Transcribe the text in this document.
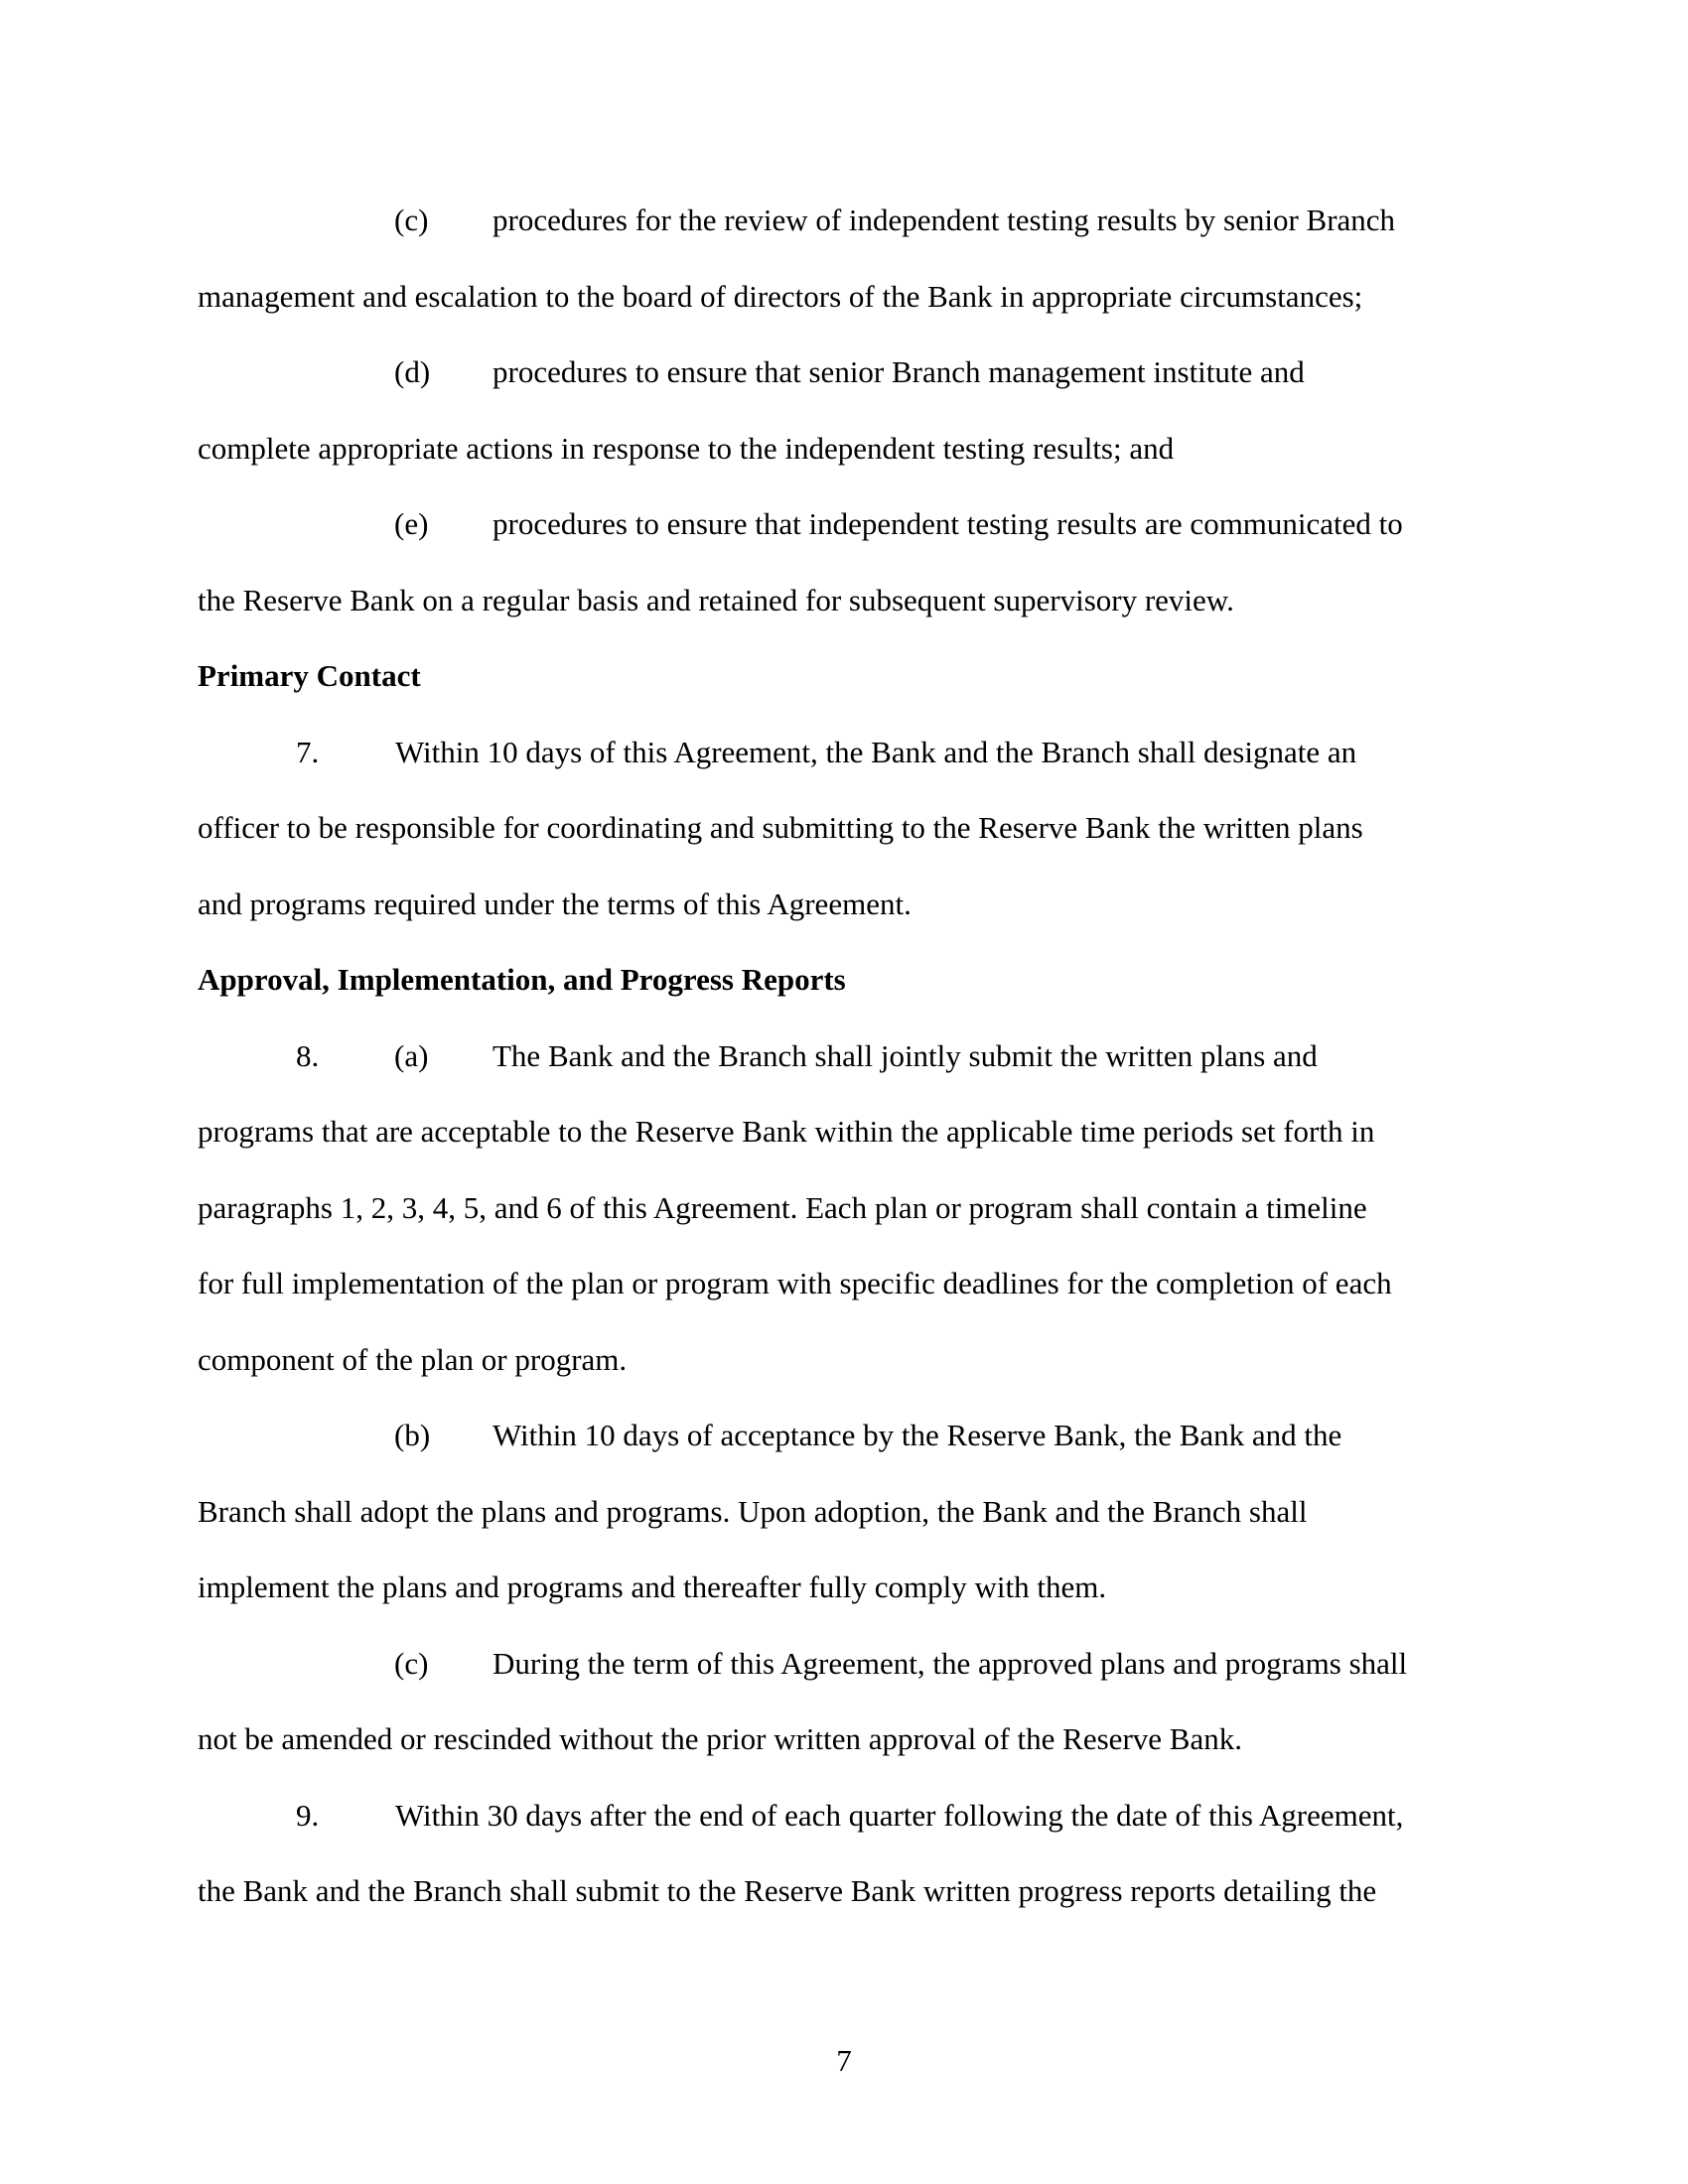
(c) procedures for the review of independent testing results by senior Branch
management and escalation to the board of directors of the Bank in appropriate circumstances;
(d) procedures to ensure that senior Branch management institute and
complete appropriate actions in response to the independent testing results; and
(e) procedures to ensure that independent testing results are communicated to
the Reserve Bank on a regular basis and retained for subsequent supervisory review.
Primary Contact
7. Within 10 days of this Agreement, the Bank and the Branch shall designate an
officer to be responsible for coordinating and submitting to the Reserve Bank the written plans
and programs required under the terms of this Agreement.
Approval, Implementation, and Progress Reports
8. (a) The Bank and the Branch shall jointly submit the written plans and
programs that are acceptable to the Reserve Bank within the applicable time periods set forth in
paragraphs 1, 2, 3, 4, 5, and 6 of this Agreement. Each plan or program shall contain a timeline
for full implementation of the plan or program with specific deadlines for the completion of each
component of the plan or program.
(b) Within 10 days of acceptance by the Reserve Bank, the Bank and the
Branch shall adopt the plans and programs. Upon adoption, the Bank and the Branch shall
implement the plans and programs and thereafter fully comply with them.
(c) During the term of this Agreement, the approved plans and programs shall
not be amended or rescinded without the prior written approval of the Reserve Bank.
9. Within 30 days after the end of each quarter following the date of this Agreement,
the Bank and the Branch shall submit to the Reserve Bank written progress reports detailing the
7
